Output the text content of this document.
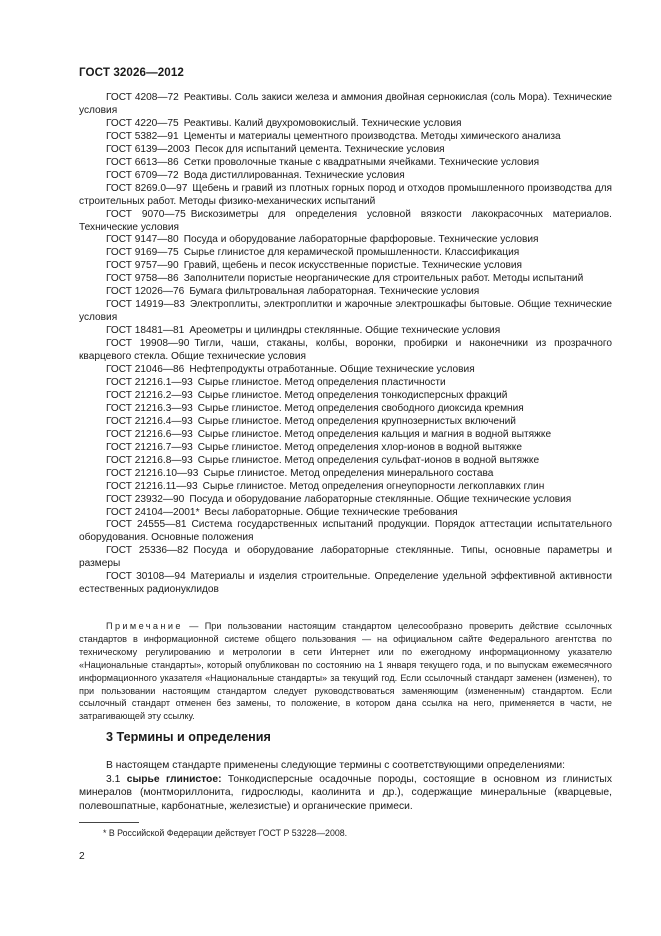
ГОСТ 32026—2012

ГОСТ 4208—72 Реактивы. Соль закиси железа и аммония двойная сернокислая (соль Мора). Технические условия

ГОСТ 4220—75 Реактивы. Калий двухромовокислый. Технические условия

ГОСТ 5382—91 Цементы и материалы цементного производства. Методы химического анализа

ГОСТ 6139—2003 Песок для испытаний цемента. Технические условия

ГОСТ 6613—86 Сетки проволочные тканые с квадратными ячейками. Технические условия

ГОСТ 6709—72 Вода дистиллированная. Технические условия

ГОСТ 8269.0—97 Щебень и гравий из плотных горных пород и отходов промышленного производства для строительных работ. Методы физико-механических испытаний

ГОСТ 9070—75 Вискозиметры для определения условной вязкости лакокрасочных материалов. Технические условия

ГОСТ 9147—80 Посуда и оборудование лабораторные фарфоровые. Технические условия

ГОСТ 9169—75 Сырье глинистое для керамической промышленности. Классификация

ГОСТ 9757—90 Гравий, щебень и песок искусственные пористые. Технические условия

ГОСТ 9758—86 Заполнители пористые неорганические для строительных работ. Методы испытаний

ГОСТ 12026—76 Бумага фильтровальная лабораторная. Технические условия

ГОСТ 14919—83 Электроплиты, электроплитки и жарочные электрошкафы бытовые. Общие технические условия

ГОСТ 18481—81 Ареометры и цилиндры стеклянные. Общие технические условия

ГОСТ 19908—90 Тигли, чаши, стаканы, колбы, воронки, пробирки и наконечники из прозрачного кварцевого стекла. Общие технические условия

ГОСТ 21046—86 Нефтепродукты отработанные. Общие технические условия

ГОСТ 21216.1—93 Сырье глинистое. Метод определения пластичности

ГОСТ 21216.2—93 Сырье глинистое. Метод определения тонкодисперсных фракций

ГОСТ 21216.3—93 Сырье глинистое. Метод определения свободного диоксида кремния

ГОСТ 21216.4—93 Сырье глинистое. Метод определения крупнозернистых включений

ГОСТ 21216.6—93 Сырье глинистое. Метод определения кальция и магния в водной вытяжке

ГОСТ 21216.7—93 Сырье глинистое. Метод определения хлор-ионов в водной вытяжке

ГОСТ 21216.8—93 Сырье глинистое. Метод определения сульфат-ионов в водной вытяжке

ГОСТ 21216.10—93 Сырье глинистое. Метод определения минерального состава

ГОСТ 21216.11—93 Сырье глинистое. Метод определения огнеупорности легкоплавких глин

ГОСТ 23932—90 Посуда и оборудование лабораторные стеклянные. Общие технические условия

ГОСТ 24104—2001* Весы лабораторные. Общие технические требования

ГОСТ 24555—81 Система государственных испытаний продукции. Порядок аттестации испытательного оборудования. Основные положения

ГОСТ 25336—82 Посуда и оборудование лабораторные стеклянные. Типы, основные параметры и размеры

ГОСТ 30108—94 Материалы и изделия строительные. Определение удельной эффективной активности естественных радионуклидов

Примечание — При пользовании настоящим стандартом целесообразно проверить действие ссылочных стандартов в информационной системе общего пользования — на официальном сайте Федерального агентства по техническому регулированию и метрологии в сети Интернет или по ежегодному информационному указателю «Национальные стандарты», который опубликован по состоянию на 1 января текущего года, и по выпускам ежемесячного информационного указателя «Национальные стандарты» за текущий год. Если ссылочный стандарт заменен (изменен), то при пользовании настоящим стандартом следует руководствоваться заменяющим (измененным) стандартом. Если ссылочный стандарт отменен без замены, то положение, в котором дана ссылка на него, применяется в части, не затрагивающей эту ссылку.
3 Термины и определения

В настоящем стандарте применены следующие термины с соответствующими определениями:

3.1 сырье глинистое: Тонкодисперсные осадочные породы, состоящие в основном из глинистых минералов (монтмориллонита, гидрослюды, каолинита и др.), содержащие минеральные (кварцевые, полевошпатные, карбонатные, железистые) и органические примеси.

* В Российской Федерации действует ГОСТ Р 53228—2008.
2
